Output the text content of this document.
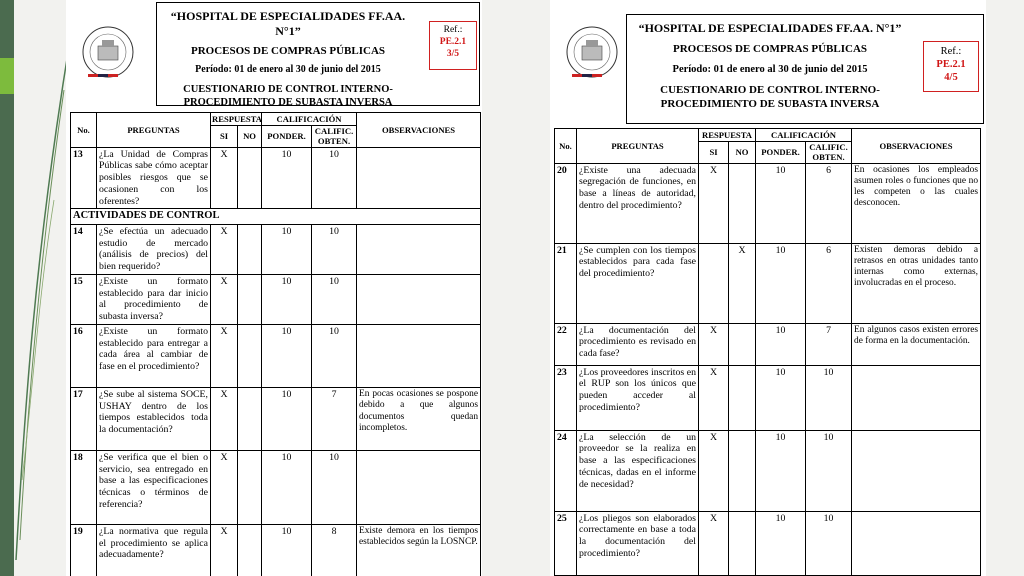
“HOSPITAL DE ESPECIALIDADES FF.AA. N°1”
PROCESOS DE COMPRAS PÚBLICAS
Período: 01 de enero al 30 de junio del 2015
CUESTIONARIO DE CONTROL INTERNO-
PROCEDIMIENTO DE SUBASTA INVERSA
Ref.:
PE.2.1
3/5
No.	PREGUNTAS	RESPUESTA		CALIFICACIÓN		OBSERVACIONES
		SI	NO	PONDER.	CALIFIC. OBTEN.	
13	¿La Unidad de Compras Públicas sabe cómo aceptar posibles riesgos que se ocasionen con los oferentes?	X		10	10	
ACTIVIDADES DE CONTROL						
14	¿Se efectúa un adecuado estudio de mercado (análisis de precios) del bien requerido?	X		10	10	
15	¿Existe un formato establecido para dar inicio al procedimiento de subasta inversa?	X		10	10	
16	¿Existe un formato establecido para entregar a cada área al cambiar de fase en el procedimiento?	X		10	10	
17	¿Se sube al sistema SOCE, USHAY dentro de los tiempos establecidos toda la documentación?	X		10	7	En pocas ocasiones se pospone debido a que algunos documentos quedan incompletos.
18	¿Se verifica que el bien o servicio, sea entregado en base a las especificaciones técnicas o términos de referencia?	X		10	10	
19	¿La normativa que regula el procedimiento se aplica adecuadamente?	X		10	8	Existe demora en los tiempos establecidos según la LOSNCP.
“HOSPITAL DE ESPECIALIDADES FF.AA. N°1”
PROCESOS DE COMPRAS PÚBLICAS
Período: 01 de enero al 30 de junio del 2015
CUESTIONARIO DE CONTROL INTERNO-
PROCEDIMIENTO DE SUBASTA INVERSA
Ref.:
PE.2.1
4/5
No.	PREGUNTAS	RESPUESTA		CALIFICACIÓN		OBSERVACIONES
		SI	NO	PONDER.	CALIFIC. OBTEN.	
20	¿Existe una adecuada segregación de funciones, en base a líneas de autoridad, dentro del procedimiento?	X		10	6	En ocasiones los empleados asumen roles o funciones que no les competen o las cuales desconocen.
21	¿Se cumplen con los tiempos establecidos para cada fase del procedimiento?		X	10	6	Existen demoras debido a retrasos en otras unidades tanto internas como externas, involucradas en el proceso.
22	¿La documentación del procedimiento es revisado en cada fase?	X		10	7	En algunos casos existen errores de forma en la documentación.
23	¿Los proveedores inscritos en el RUP son los únicos que pueden acceder al procedimiento?	X		10	10	
24	¿La selección de un proveedor se la realiza en base a las especificaciones técnicas, dadas en el informe de necesidad?	X		10	10	
25	¿Los pliegos son elaborados correctamente en base a toda la documentación del procedimiento?	X		10	10	
